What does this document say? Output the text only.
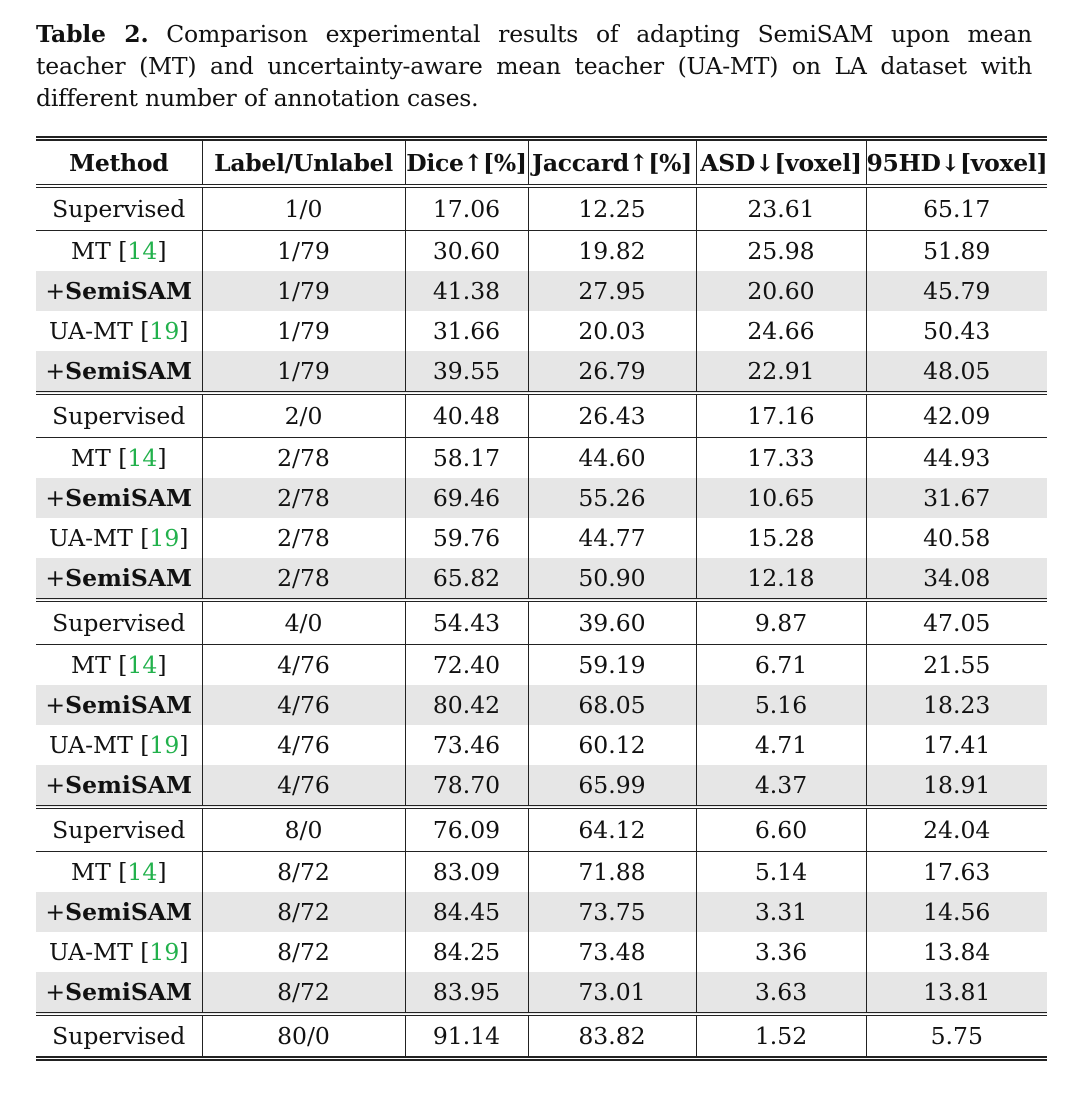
Table 2. Comparison experimental results of adapting SemiSAM upon mean teacher (MT) and uncertainty-aware mean teacher (UA-MT) on LA dataset with different number of annotation cases.
Method	Label/Unlabel	Dice↑[%]	Jaccard↑[%]	ASD↓[voxel]	95HD↓[voxel]
Supervised	1/0	17.06	12.25	23.61	65.17
MT [14]	1/79	30.60	19.82	25.98	51.89
+SemiSAM	1/79	41.38	27.95	20.60	45.79
UA-MT [19]	1/79	31.66	20.03	24.66	50.43
+SemiSAM	1/79	39.55	26.79	22.91	48.05
Supervised	2/0	40.48	26.43	17.16	42.09
MT [14]	2/78	58.17	44.60	17.33	44.93
+SemiSAM	2/78	69.46	55.26	10.65	31.67
UA-MT [19]	2/78	59.76	44.77	15.28	40.58
+SemiSAM	2/78	65.82	50.90	12.18	34.08
Supervised	4/0	54.43	39.60	9.87	47.05
MT [14]	4/76	72.40	59.19	6.71	21.55
+SemiSAM	4/76	80.42	68.05	5.16	18.23
UA-MT [19]	4/76	73.46	60.12	4.71	17.41
+SemiSAM	4/76	78.70	65.99	4.37	18.91
Supervised	8/0	76.09	64.12	6.60	24.04
MT [14]	8/72	83.09	71.88	5.14	17.63
+SemiSAM	8/72	84.45	73.75	3.31	14.56
UA-MT [19]	8/72	84.25	73.48	3.36	13.84
+SemiSAM	8/72	83.95	73.01	3.63	13.81
Supervised	80/0	91.14	83.82	1.52	5.75
